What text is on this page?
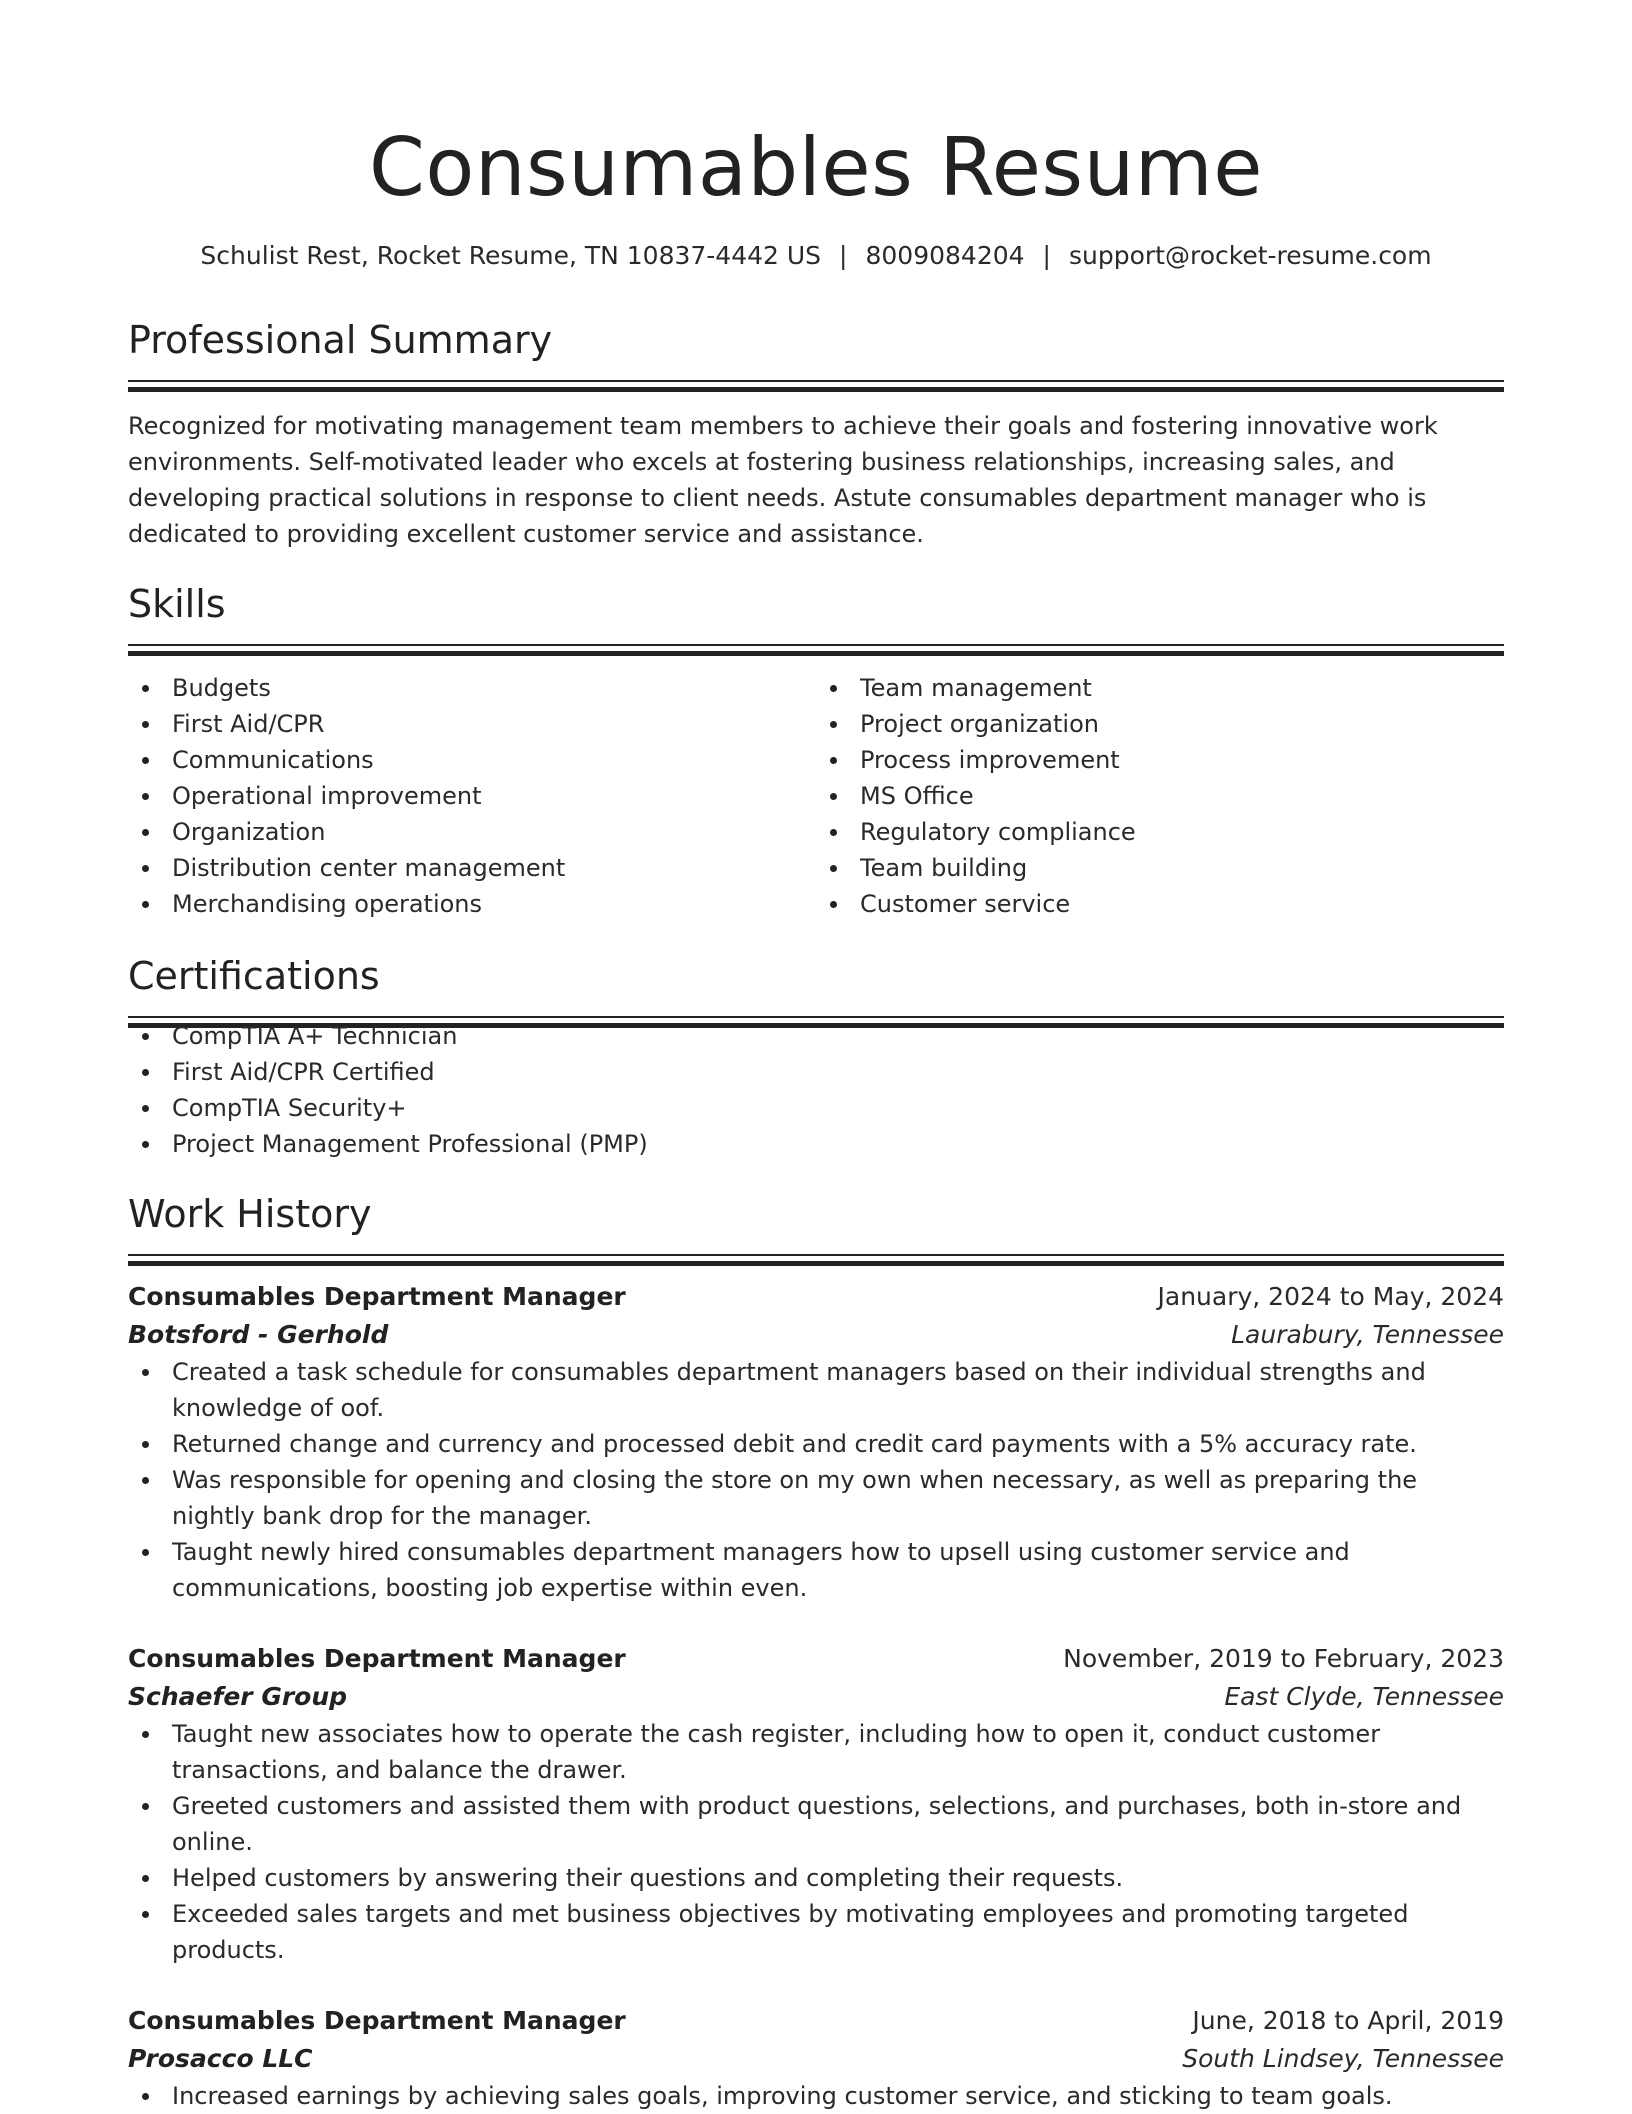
Consumables Resume
Schulist Rest, Rocket Resume, TN 10837-4442 US | 8009084204 | support@rocket-resume.com
Professional Summary

Recognized for motivating management team members to achieve their goals and fostering innovative work environments. Self-motivated leader who excels at fostering business relationships, increasing sales, and developing practical solutions in response to client needs. Astute consumables department manager who is dedicated to providing excellent customer service and assistance.

Skills
Budgets
First Aid/CPR
Communications
Operational improvement
Organization
Distribution center management
Merchandising operations
Team management
Project organization
Process improvement
MS Office
Regulatory compliance
Team building
Customer service
Certifications
CompTIA A+ Technician
First Aid/CPR Certified
CompTIA Security+
Project Management Professional (PMP)
Work History
Consumables Department Manager	January, 2024 to May, 2024
Botsford - Gerhold	Laurabury, Tennessee
Created a task schedule for consumables department managers based on their individual strengths and knowledge of oof.
Returned change and currency and processed debit and credit card payments with a 5% accuracy rate.
Was responsible for opening and closing the store on my own when necessary, as well as preparing the nightly bank drop for the manager.
Taught newly hired consumables department managers how to upsell using customer service and communications, boosting job expertise within even.
Consumables Department Manager	November, 2019 to February, 2023
Schaefer Group	East Clyde, Tennessee
Taught new associates how to operate the cash register, including how to open it, conduct customer transactions, and balance the drawer.
Greeted customers and assisted them with product questions, selections, and purchases, both in-store and online.
Helped customers by answering their questions and completing their requests.
Exceeded sales targets and met business objectives by motivating employees and promoting targeted products.
Consumables Department Manager	June, 2018 to April, 2019
Prosacco LLC	South Lindsey, Tennessee
Increased earnings by achieving sales goals, improving customer service, and sticking to team goals.
